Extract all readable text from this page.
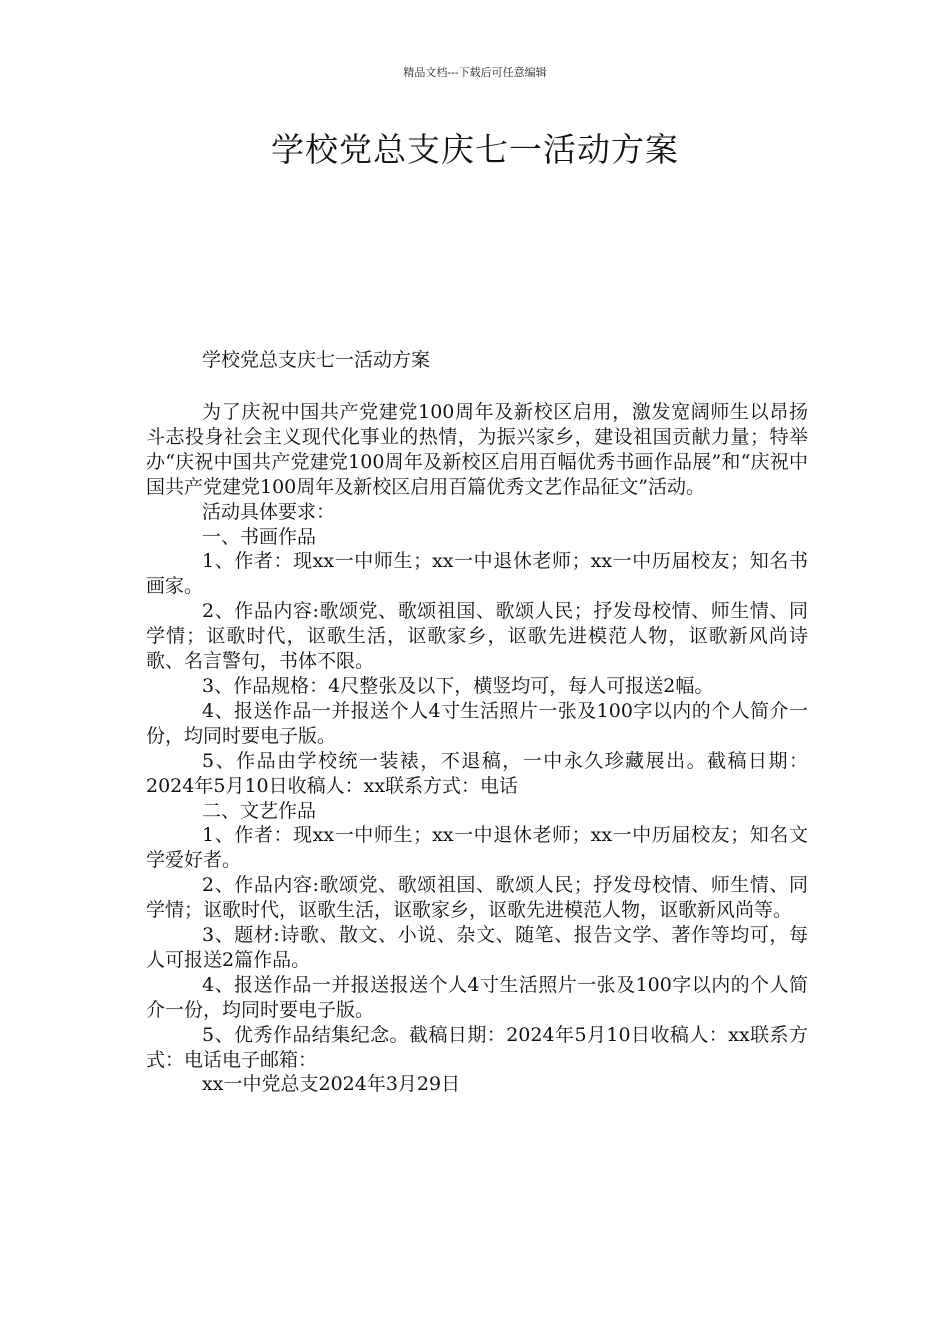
精品文档---下载后可任意编辑
学校党总支庆七一活动方案
学校党总支庆七一活动方案

为了庆祝中国共产党建党100周年及新校区启用，激发宽阔师生以昂扬斗志投身社会主义现代化事业的热情，为振兴家乡，建设祖国贡献力量；特举办“庆祝中国共产党建党100周年及新校区启用百幅优秀书画作品展”和“庆祝中国共产党建党100周年及新校区启用百篇优秀文艺作品征文”活动。

活动具体要求：

一、书画作品

1、作者：现xx一中师生；xx一中退休老师；xx一中历届校友；知名书画家。

2、作品内容:歌颂党、歌颂祖国、歌颂人民；抒发母校情、师生情、同学情；讴歌时代，讴歌生活，讴歌家乡，讴歌先进模范人物，讴歌新风尚诗歌、名言警句，书体不限。

3、作品规格：4尺整张及以下，横竖均可，每人可报送2幅。

4、报送作品一并报送个人4寸生活照片一张及100字以内的个人简介一份，均同时要电子版。

5、作品由学校统一装裱，不退稿，一中永久珍藏展出。截稿日期：2024年5月10日收稿人：xx联系方式：电话

二、文艺作品

1、作者：现xx一中师生；xx一中退休老师；xx一中历届校友；知名文学爱好者。

2、作品内容:歌颂党、歌颂祖国、歌颂人民；抒发母校情、师生情、同学情；讴歌时代，讴歌生活，讴歌家乡，讴歌先进模范人物，讴歌新风尚等。

3、题材:诗歌、散文、小说、杂文、随笔、报告文学、著作等均可，每人可报送2篇作品。

4、报送作品一并报送报送个人4寸生活照片一张及100字以内的个人简介一份，均同时要电子版。

5、优秀作品结集纪念。截稿日期：2024年5月10日收稿人：xx联系方式：电话电子邮箱：

xx一中党总支2024年3月29日
